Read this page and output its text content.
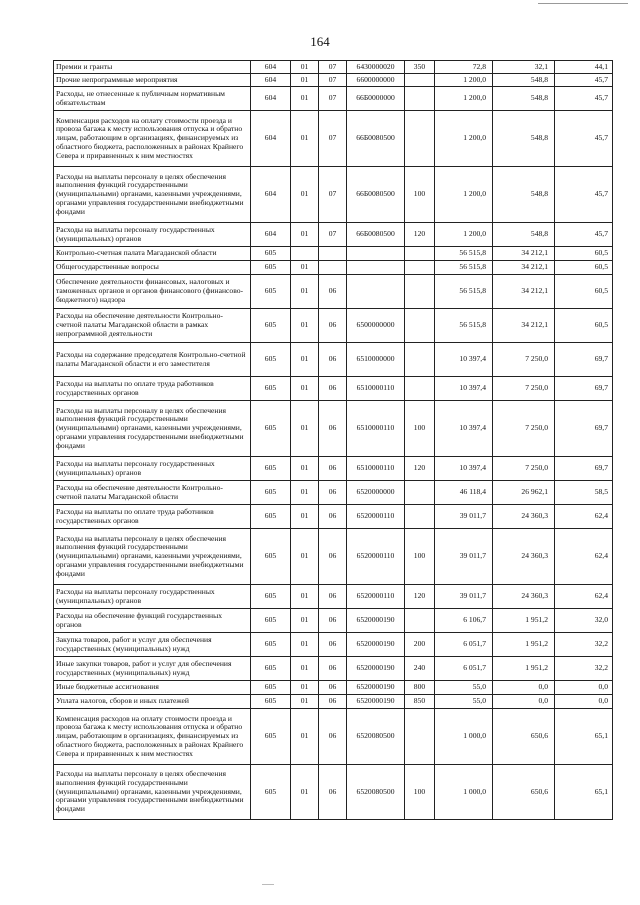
164
Премии и гранты	604	01	07	6430000020	350	72,8	32,1	44,1
Прочие непрограммные мероприятия	604	01	07	6600000000		1 200,0	548,8	45,7
Расходы, не отнесенные к публичным нормативным обязательствам	604	01	07	66Б0000000		1 200,0	548,8	45,7
Компенсация расходов на оплату стоимости проезда и провоза багажа к месту использования отпуска и обратно лицам, работающим в организациях, финансируемых из областного бюджета, расположенных в районах Крайнего Севера и приравненных к ним местностях	604	01	07	66Б0080500		1 200,0	548,8	45,7
Расходы на выплаты персоналу в целях обеспечения выполнения функций государственными (муниципальными) органами, казенными учреждениями, органами управления государственными внебюджетными фондами	604	01	07	66Б0080500	100	1 200,0	548,8	45,7
Расходы на выплаты персоналу государственных (муниципальных) органов	604	01	07	66Б0080500	120	1 200,0	548,8	45,7
Контрольно-счетная палата Магаданской области	605					56 515,8	34 212,1	60,5
Общегосударственные вопросы	605	01				56 515,8	34 212,1	60,5
Обеспечение деятельности финансовых, налоговых и таможенных органов и органов финансового (финансово-бюджетного) надзора	605	01	06			56 515,8	34 212,1	60,5
Расходы на обеспечение деятельности Контрольно-счетной палаты Магаданской области в рамках непрограммной деятельности	605	01	06	6500000000		56 515,8	34 212,1	60,5
Расходы на содержание председателя Контрольно-счетной палаты Магаданской области и его заместителя	605	01	06	6510000000		10 397,4	7 250,0	69,7
Расходы на выплаты по оплате труда работников государственных органов	605	01	06	6510000110		10 397,4	7 250,0	69,7
Расходы на выплаты персоналу в целях обеспечения выполнения функций государственными (муниципальными) органами, казенными учреждениями, органами управления государственными внебюджетными фондами	605	01	06	6510000110	100	10 397,4	7 250,0	69,7
Расходы на выплаты персоналу государственных (муниципальных) органов	605	01	06	6510000110	120	10 397,4	7 250,0	69,7
Расходы на обеспечение деятельности Контрольно-счетной палаты Магаданской области	605	01	06	6520000000		46 118,4	26 962,1	58,5
Расходы на выплаты по оплате труда работников государственных органов	605	01	06	6520000110		39 011,7	24 360,3	62,4
Расходы на выплаты персоналу в целях обеспечения выполнения функций государственными (муниципальными) органами, казенными учреждениями, органами управления государственными внебюджетными фондами	605	01	06	6520000110	100	39 011,7	24 360,3	62,4
Расходы на выплаты персоналу государственных (муниципальных) органов	605	01	06	6520000110	120	39 011,7	24 360,3	62,4
Расходы на обеспечение функций государственных органов	605	01	06	6520000190		6 106,7	1 951,2	32,0
Закупка товаров, работ и услуг для обеспечения государственных (муниципальных) нужд	605	01	06	6520000190	200	6 051,7	1 951,2	32,2
Иные закупки товаров, работ и услуг для обеспечения государственных (муниципальных) нужд	605	01	06	6520000190	240	6 051,7	1 951,2	32,2
Иные бюджетные ассигнования	605	01	06	6520000190	800	55,0	0,0	0,0
Уплата налогов, сборов и иных платежей	605	01	06	6520000190	850	55,0	0,0	0,0
Компенсация расходов на оплату стоимости проезда и провоза багажа к месту использования отпуска и обратно лицам, работающим в организациях, финансируемых из областного бюджета, расположенных в районах Крайнего Севера и приравненных к ним местностях	605	01	06	6520080500		1 000,0	650,6	65,1
Расходы на выплаты персоналу в целях обеспечения выполнения функций государственными (муниципальными) органами, казенными учреждениями, органами управления государственными внебюджетными фондами	605	01	06	6520080500	100	1 000,0	650,6	65,1
